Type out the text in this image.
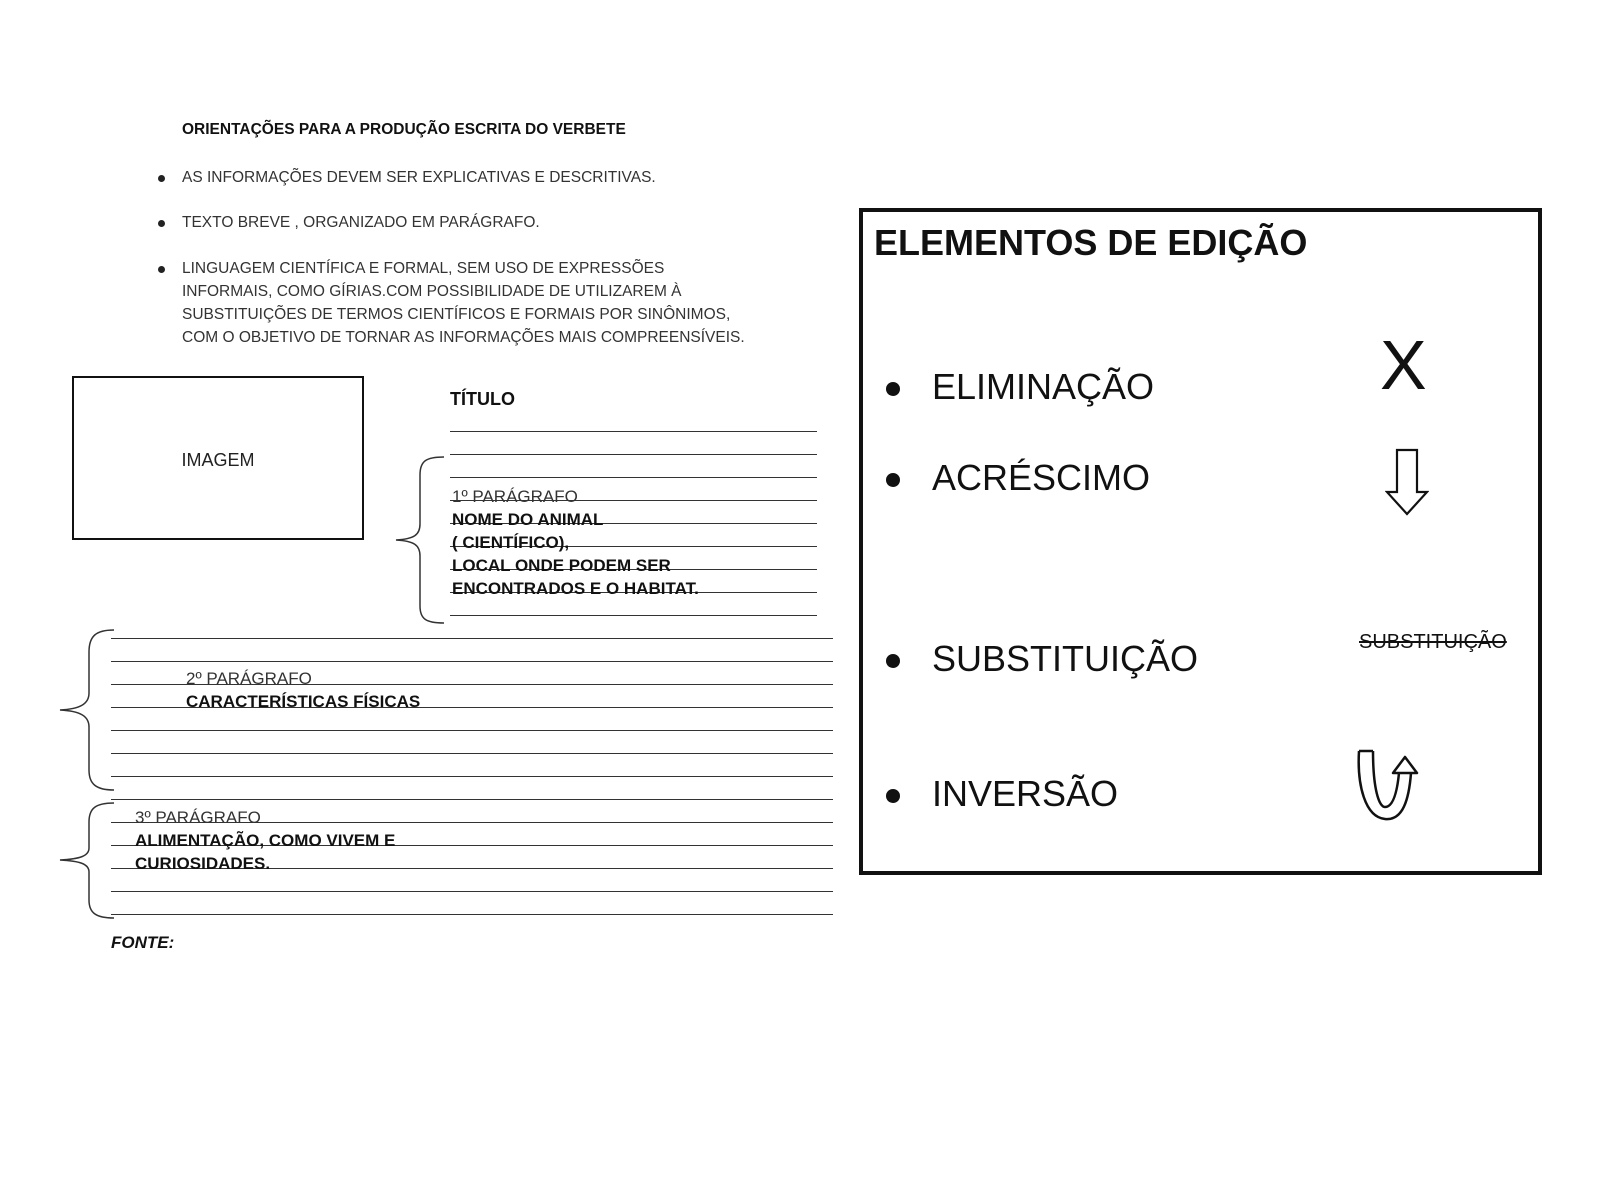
ORIENTAÇÕES PARA A PRODUÇÃO ESCRITA DO VERBETE
AS INFORMAÇÕES DEVEM SER EXPLICATIVAS E DESCRITIVAS.
TEXTO BREVE , ORGANIZADO EM PARÁGRAFO.
LINGUAGEM CIENTÍFICA E FORMAL, SEM USO DE EXPRESSÕES INFORMAIS, COMO GÍRIAS.COM POSSIBILIDADE DE UTILIZAREM À SUBSTITUIÇÕES DE TERMOS CIENTÍFICOS E FORMAIS POR SINÔNIMOS, COM O OBJETIVO DE TORNAR AS INFORMAÇÕES MAIS COMPREENSÍVEIS.
IMAGEM
TÍTULO
1º PARÁGRAFO
NOME DO ANIMAL
( CIENTÍFICO),
LOCAL ONDE PODEM SER
ENCONTRADOS E O HABITAT.
2º PARÁGRAFO
CARACTERÍSTICAS FÍSICAS
3º PARÁGRAFO
ALIMENTAÇÃO, COMO VIVEM E
CURIOSIDADES.
FONTE:
ELEMENTOS DE EDIÇÃO
ELIMINAÇÃO	X
ACRÉSCIMO
SUBSTITUIÇÃO	SUBSTITUIÇÃO
INVERSÃO
